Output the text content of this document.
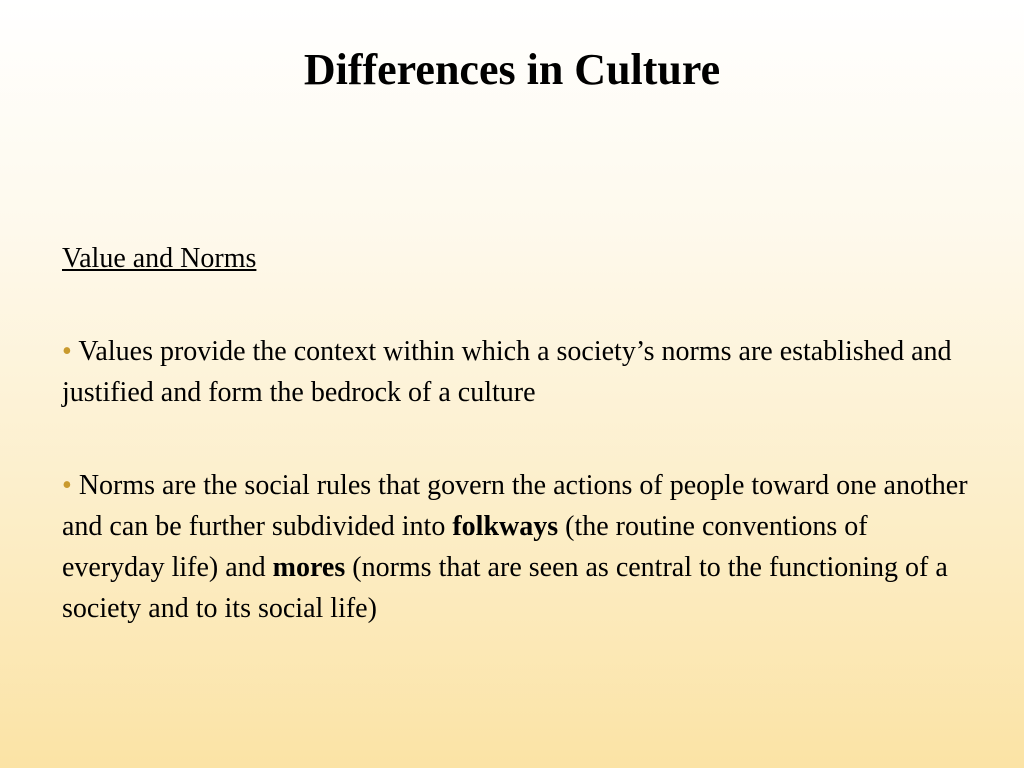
Differences in Culture

Value and Norms

• Values provide the context within which a society’s norms are established and justified and form the bedrock of a culture

• Norms are the social rules that govern the actions of people toward one another and can be further subdivided into folkways (the routine conventions of everyday life) and mores (norms that are seen as central to the functioning of a society and to its social life)
